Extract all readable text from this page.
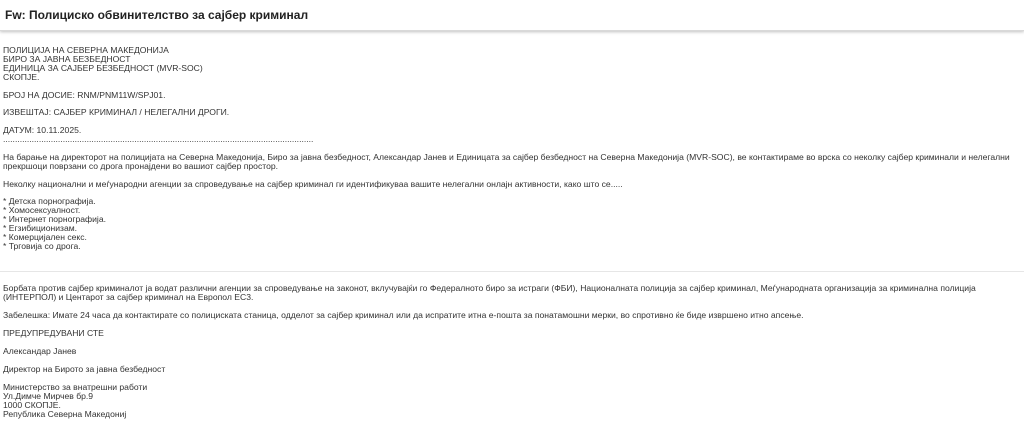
Fw: Полициско обвинителство за сајбер криминал
ПОЛИЦИЈА НА СЕВЕРНА МАКЕДОНИЈА
БИРО ЗА ЈАВНА БЕЗБЕДНОСТ
ЕДИНИЦА ЗА САЈБЕР БЕЗБЕДНОСТ (MVR-SOC)
СКОПЈЕ.
БРОЈ НА ДОСИЕ: RNM/PNM11W/SPJ01.
ИЗВЕШТАЈ: САЈБЕР КРИМИНАЛ / НЕЛЕГАЛНИ ДРОГИ.
ДАТУМ: 10.11.2025.
..................................................................................................................................
На барање на директорот на полицијата на Северна Македонија, Биро за јавна безбедност, Александар Јанев и Единицата за сајбер безбедност на Северна Македонија (MVR-SOC), ве контактираме во врска со неколку сајбер криминали и нелегални прекршоци поврзани со дрога пронајдени во вашиот сајбер простор.
Неколку национални и меѓународни агенции за спроведување на сајбер криминал ги идентификуваа вашите нелегални онлајн активности, како што се.....
* Детска порнографија.
* Хомосексуалност.
* Интернет порнографија.
* Егзибиционизам.
* Комерцијален секс.
* Трговија со дрога.
Борбата против сајбер криминалот ја водат различни агенции за спроведување на законот, вклучувајќи го Федералното биро за истраги (ФБИ), Националната полиција за сајбер криминал, Меѓународната организација за криминална полиција (ИНТЕРПОЛ) и Центарот за сајбер криминал на Европол ЕС3.
Забелешка: Имате 24 часа да контактирате со полициската станица, одделот за сајбер криминал или да испратите итна е-пошта за понатамошни мерки, во спротивно ќе биде извршено итно апсење.
ПРЕДУПРЕДУВАНИ СТЕ
Александар Јанев
Директор на Бирото за јавна безбедност
Министерство за внатрешни работи
Ул.Димче Мирчев бр.9
1000 СКОПЈЕ.
Република Северна Македониј
